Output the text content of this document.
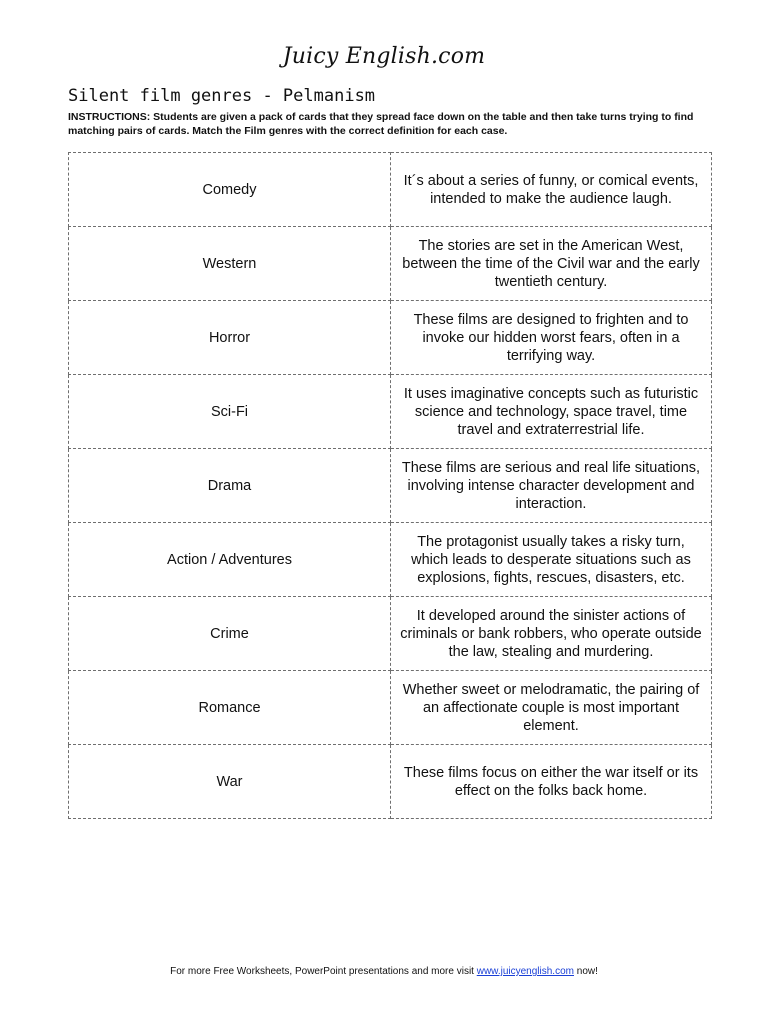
Juicy English.com
Silent film genres - Pelmanism
INSTRUCTIONS: Students are given a pack of cards that they spread face down on the table and then take turns trying to find matching pairs of cards. Match the Film genres with the correct definition for each case.
Comedy	It´s about a series of funny, or comical events, intended to make the audience laugh.
Western	The stories are set in the American West, between the time of the Civil war and the early twentieth century.
Horror	These films are designed to frighten and to invoke our hidden worst fears, often in a terrifying way.
Sci-Fi	It uses imaginative concepts such as futuristic science and technology, space travel, time travel and extraterrestrial life.
Drama	These films are serious and real life situations, involving intense character development and interaction.
Action / Adventures	The protagonist usually takes a risky turn, which leads to desperate situations such as explosions, fights, rescues, disasters, etc.
Crime	It developed around the sinister actions of criminals or bank robbers, who operate outside the law, stealing and murdering.
Romance	Whether sweet or melodramatic, the pairing of an affectionate couple is most important element.
War	These films focus on either the war itself or its effect on the folks back home.
For more Free Worksheets, PowerPoint presentations and more visit www.juicyenglish.com now!
